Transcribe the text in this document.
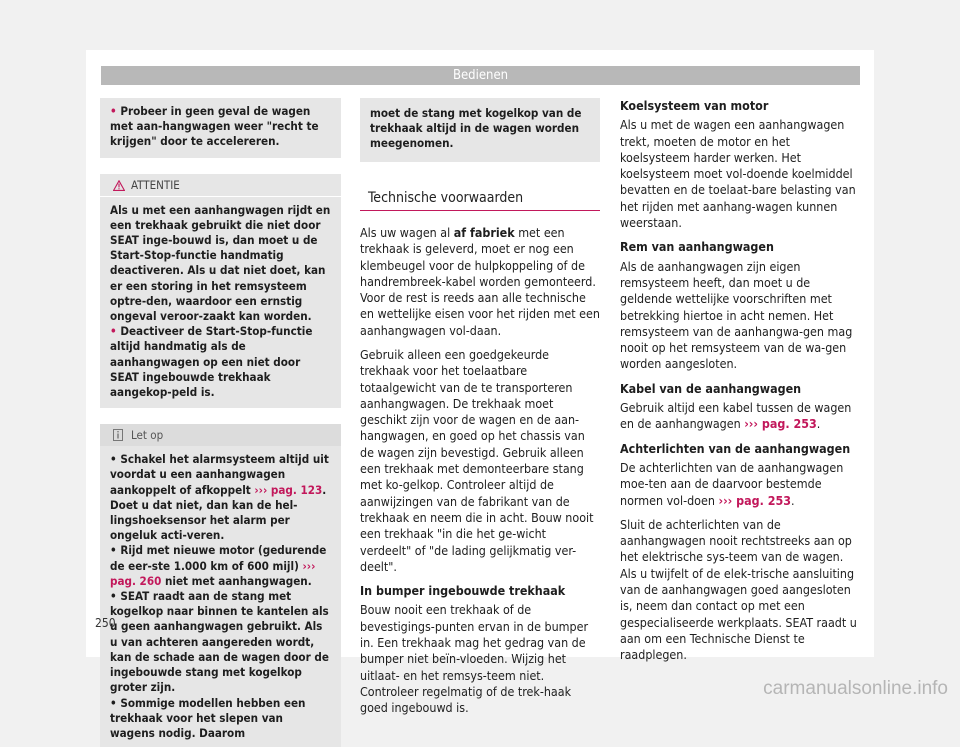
Bedienen
• Probeer in geen geval de wagen met aan-hangwagen weer "recht te krijgen" door te accelereren.
ATTENTIE
Als u met een aanhangwagen rijdt en een trekhaak gebruikt die niet door SEAT inge-bouwd is, dan moet u de Start-Stop-functie handmatig deactiveren. Als u dat niet doet, kan er een storing in het remsysteem optre-den, waardoor een ernstig ongeval veroor-zaakt kan worden.
• Deactiveer de Start-Stop-functie altijd handmatig als de aanhangwagen op een niet door SEAT ingebouwde trekhaak aangekop-peld is.
Let op
• Schakel het alarmsysteem altijd uit voordat u een aanhangwagen aankoppelt of afkoppelt ››› pag. 123. Doet u dat niet, dan kan de hel-lingshoeksensor het alarm per ongeluk acti-veren.
• Rijd met nieuwe motor (gedurende de eer-ste 1.000 km of 600 mijl) ››› pag. 260 niet met aanhangwagen.
• SEAT raadt aan de stang met kogelkop naar binnen te kantelen als u geen aanhangwagen gebruikt. Als u van achteren aangereden wordt, kan de schade aan de wagen door de ingebouwde stang met kogelkop groter zijn.
• Sommige modellen hebben een trekhaak voor het slepen van wagens nodig. Daarom
moet de stang met kogelkop van de trekhaak altijd in de wagen worden meegenomen.
Technische voorwaarden

Als uw wagen al af fabriek met een trekhaak is geleverd, moet er nog een klembeugel voor de hulpkoppeling of de handrembreek-kabel worden gemonteerd. Voor de rest is reeds aan alle technische en wettelijke eisen voor het rijden met een aanhangwagen vol-daan.

Gebruik alleen een goedgekeurde trekhaak voor het toelaatbare totaalgewicht van de te transporteren aanhangwagen. De trekhaak moet geschikt zijn voor de wagen en de aan-hangwagen, en goed op het chassis van de wagen zijn bevestigd. Gebruik alleen een trekhaak met demonteerbare stang met ko-gelkop. Controleer altijd de aanwijzingen van de fabrikant van de trekhaak en neem die in acht. Bouw nooit een trekhaak "in die het ge-wicht verdeelt" of "de lading gelijkmatig ver-deelt".

In bumper ingebouwde trekhaak

Bouw nooit een trekhaak of de bevestigings-punten ervan in de bumper in. Een trekhaak mag het gedrag van de bumper niet beïn-vloeden. Wijzig het uitlaat- en het remsys-teem niet. Controleer regelmatig of de trek-haak goed ingebouwd is.

Koelsysteem van motor

Als u met de wagen een aanhangwagen trekt, moeten de motor en het koelsysteem harder werken. Het koelsysteem moet vol-doende koelmiddel bevatten en de toelaat-bare belasting van het rijden met aanhang-wagen kunnen weerstaan.

Rem van aanhangwagen

Als de aanhangwagen zijn eigen remsysteem heeft, dan moet u de geldende wettelijke voorschriften met betrekking hiertoe in acht nemen. Het remsysteem van de aanhangwa-gen mag nooit op het remsysteem van de wa-gen worden aangesloten.

Kabel van de aanhangwagen

Gebruik altijd een kabel tussen de wagen en de aanhangwagen ››› pag. 253.

Achterlichten van de aanhangwagen

De achterlichten van de aanhangwagen moe-ten aan de daarvoor bestemde normen vol-doen ››› pag. 253.

Sluit de achterlichten van de aanhangwagen nooit rechtstreeks aan op het elektrische sys-teem van de wagen. Als u twijfelt of de elek-trische aansluiting van de aanhangwagen goed aangesloten is, neem dan contact op met een gespecialiseerde werkplaats. SEAT raadt u aan om een Technische Dienst te raadplegen.

250
carmanualsonline.info
